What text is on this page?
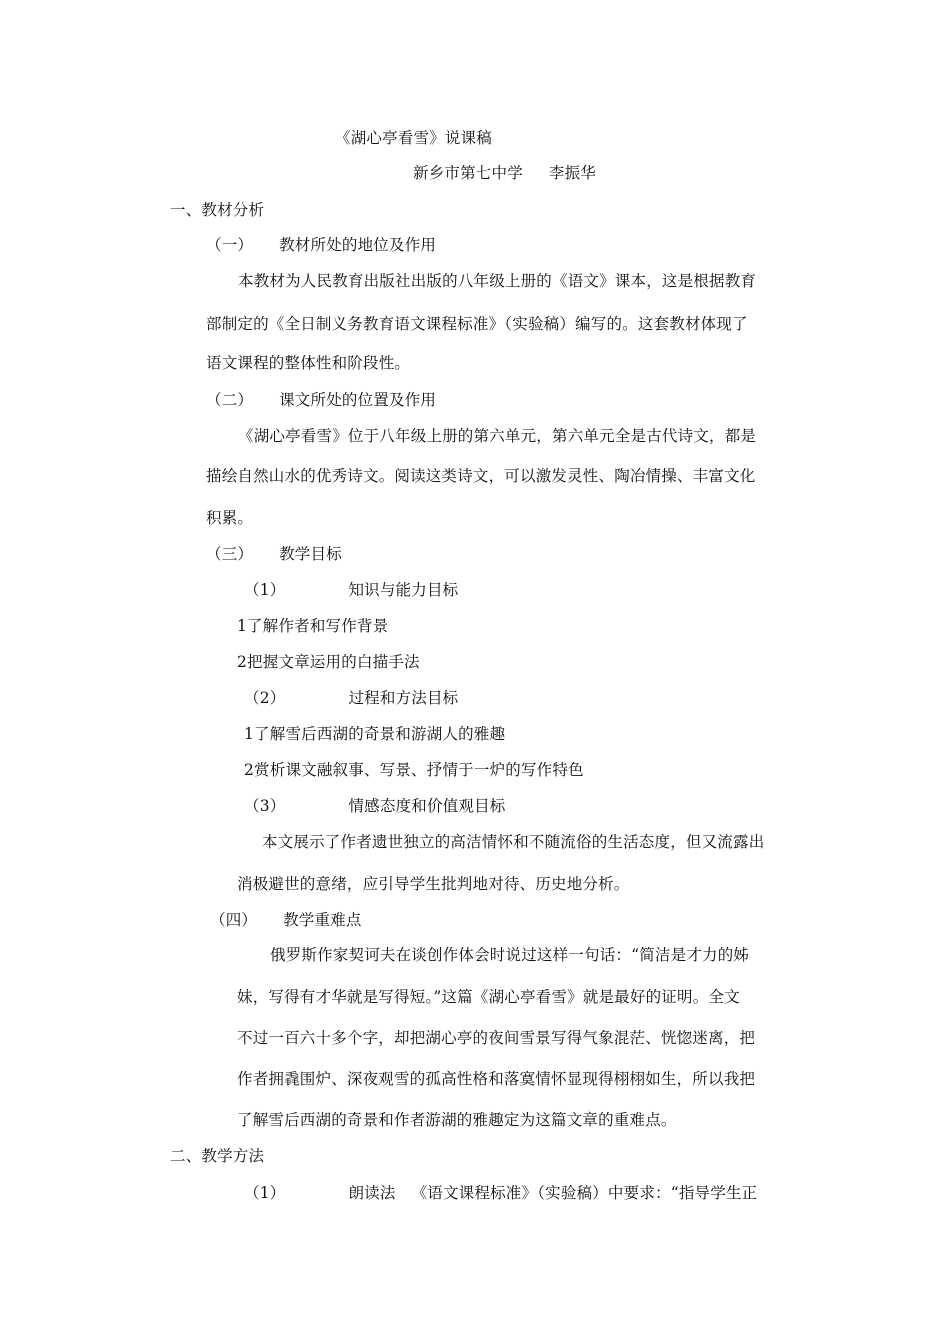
《湖心亭看雪》说课稿
新乡市第七中学 李振华
一、教材分析
（一） 教材所处的地位及作用
本教材为人民教育出版社出版的八年级上册的《语文》课本，这是根据教育
部制定的《全日制义务教育语文课程标准》（实验稿）编写的。这套教材体现了
语文课程的整体性和阶段性。
（二） 课文所处的位置及作用
《湖心亭看雪》位于八年级上册的第六单元，第六单元全是古代诗文，都是
描绘自然山水的优秀诗文。阅读这类诗文，可以激发灵性、陶冶情操、丰富文化
积累。
（三） 教学目标
（1）	知识与能力目标
1了解作者和写作背景
2把握文章运用的白描手法
（2）	过程和方法目标
1了解雪后西湖的奇景和游湖人的雅趣
2赏析课文融叙事、写景、抒情于一炉的写作特色
（3）	情感态度和价值观目标
本文展示了作者遗世独立的高洁情怀和不随流俗的生活态度，但又流露出
消极避世的意绪，应引导学生批判地对待、历史地分析。
（四） 教学重难点
俄罗斯作家契诃夫在谈创作体会时说过这样一句话：“简洁是才力的姊
妹，写得有才华就是写得短。”这篇《湖心亭看雪》就是最好的证明。全文
不过一百六十多个字，却把湖心亭的夜间雪景写得气象混茫、恍惚迷离，把
作者拥毳围炉、深夜观雪的孤高性格和落寞情怀显现得栩栩如生，所以我把
了解雪后西湖的奇景和作者游湖的雅趣定为这篇文章的重难点。
二、教学方法
（1）	朗读法 《语文课程标准》（实验稿）中要求：“指导学生正
